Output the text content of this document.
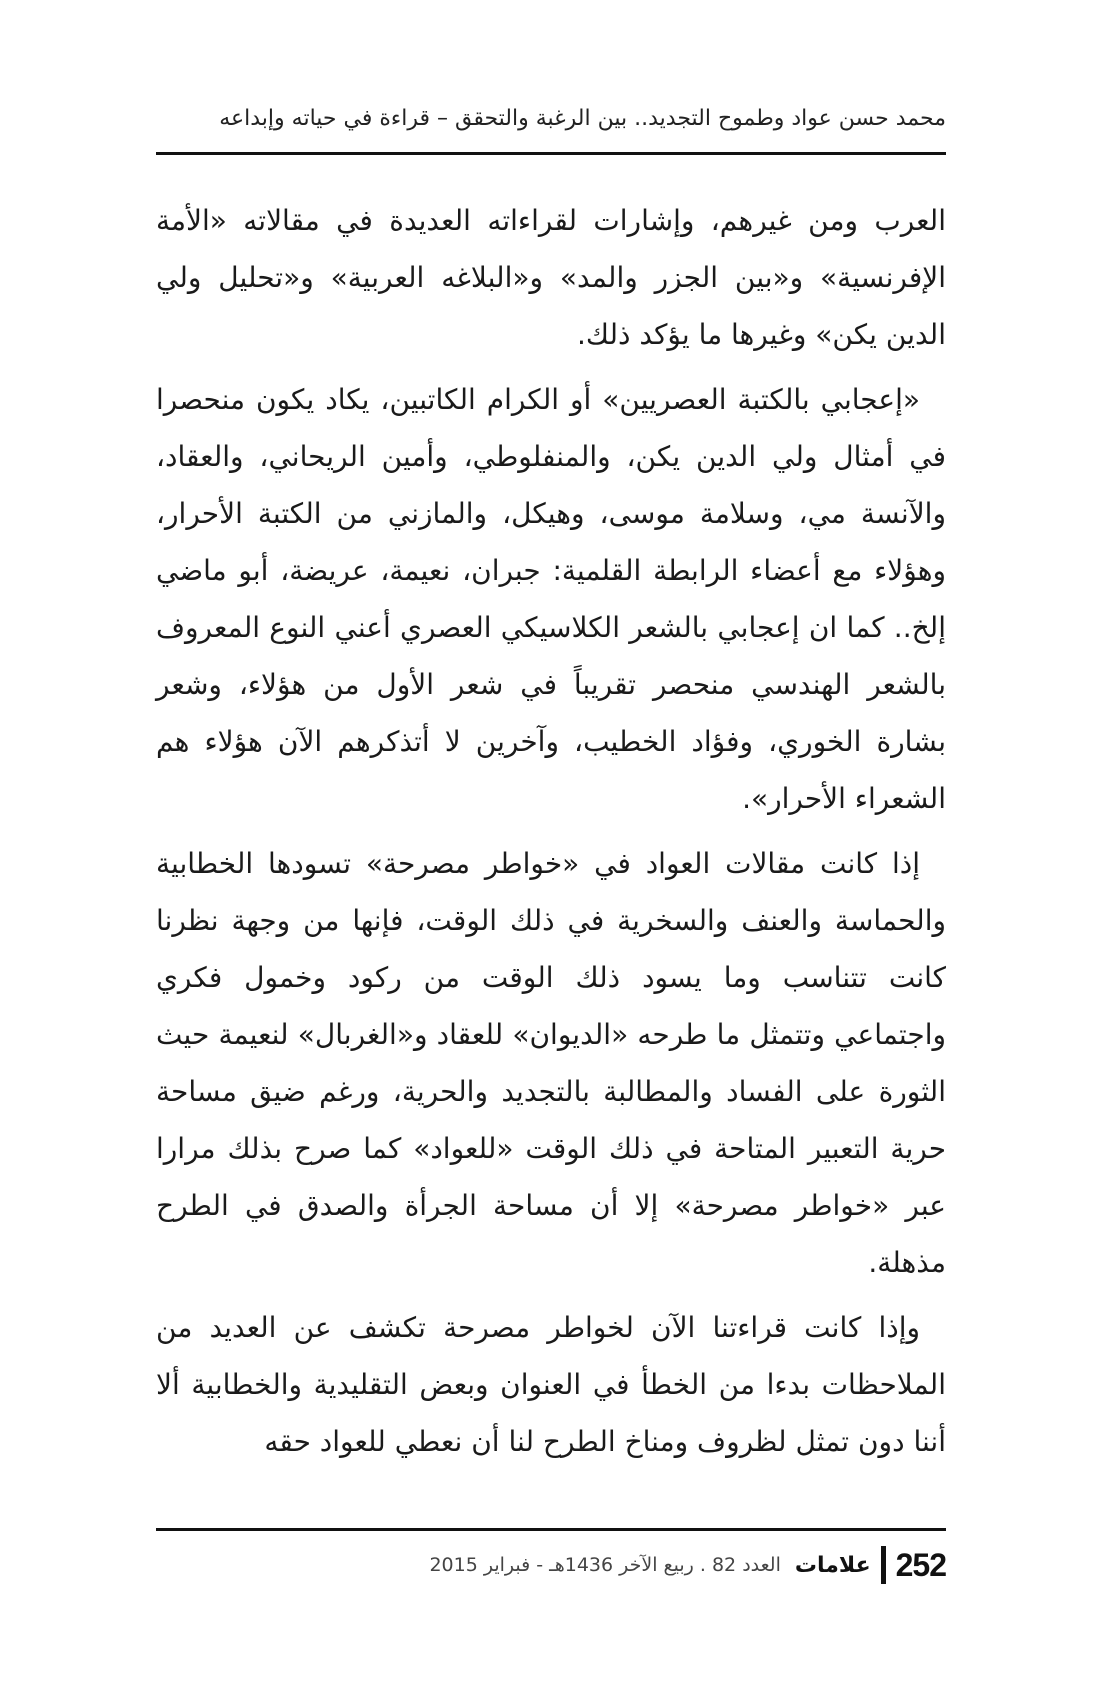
محمد حسن عواد وطموح التجديد.. بين الرغبة والتحقق – قراءة في حياته وإبداعه

العرب ومن غيرهم، وإشارات لقراءاته العديدة في مقالاته «الأمة الإفرنسية» و«بين الجزر والمد» و«البلاغه العربية» و«تحليل ولي الدين يكن» وغيرها ما يؤكد ذلك.

«إعجابي بالكتبة العصريين» أو الكرام الكاتبين، يكاد يكون منحصرا في أمثال ولي الدين يكن، والمنفلوطي، وأمين الريحاني، والعقاد، والآنسة مي، وسلامة موسى، وهيكل، والمازني من الكتبة الأحرار، وهؤلاء مع أعضاء الرابطة القلمية: جبران، نعيمة، عريضة، أبو ماضي إلخ.. كما ان إعجابي بالشعر الكلاسيكي العصري أعني النوع المعروف بالشعر الهندسي منحصر تقريباً في شعر الأول من هؤلاء، وشعر بشارة الخوري، وفؤاد الخطيب، وآخرين لا أتذكرهم الآن هؤلاء هم الشعراء الأحرار».

إذا كانت مقالات العواد في «خواطر مصرحة» تسودها الخطابية والحماسة والعنف والسخرية في ذلك الوقت، فإنها من وجهة نظرنا كانت تتناسب وما يسود ذلك الوقت من ركود وخمول فكري واجتماعي وتتمثل ما طرحه «الديوان» للعقاد و«الغربال» لنعيمة حيث الثورة على الفساد والمطالبة بالتجديد والحرية، ورغم ضيق مساحة حرية التعبير المتاحة في ذلك الوقت «للعواد» كما صرح بذلك مرارا عبر «خواطر مصرحة» إلا أن مساحة الجرأة والصدق في الطرح مذهلة.

وإذا كانت قراءتنا الآن لخواطر مصرحة تكشف عن العديد من الملاحظات بدءا من الخطأ في العنوان وبعض التقليدية والخطابية ألا أننا دون تمثل لظروف ومناخ الطرح لنا أن نعطي للعواد حقه

252
علامات
العدد 82 . ربيع الآخر 1436هـ - فبراير 2015
